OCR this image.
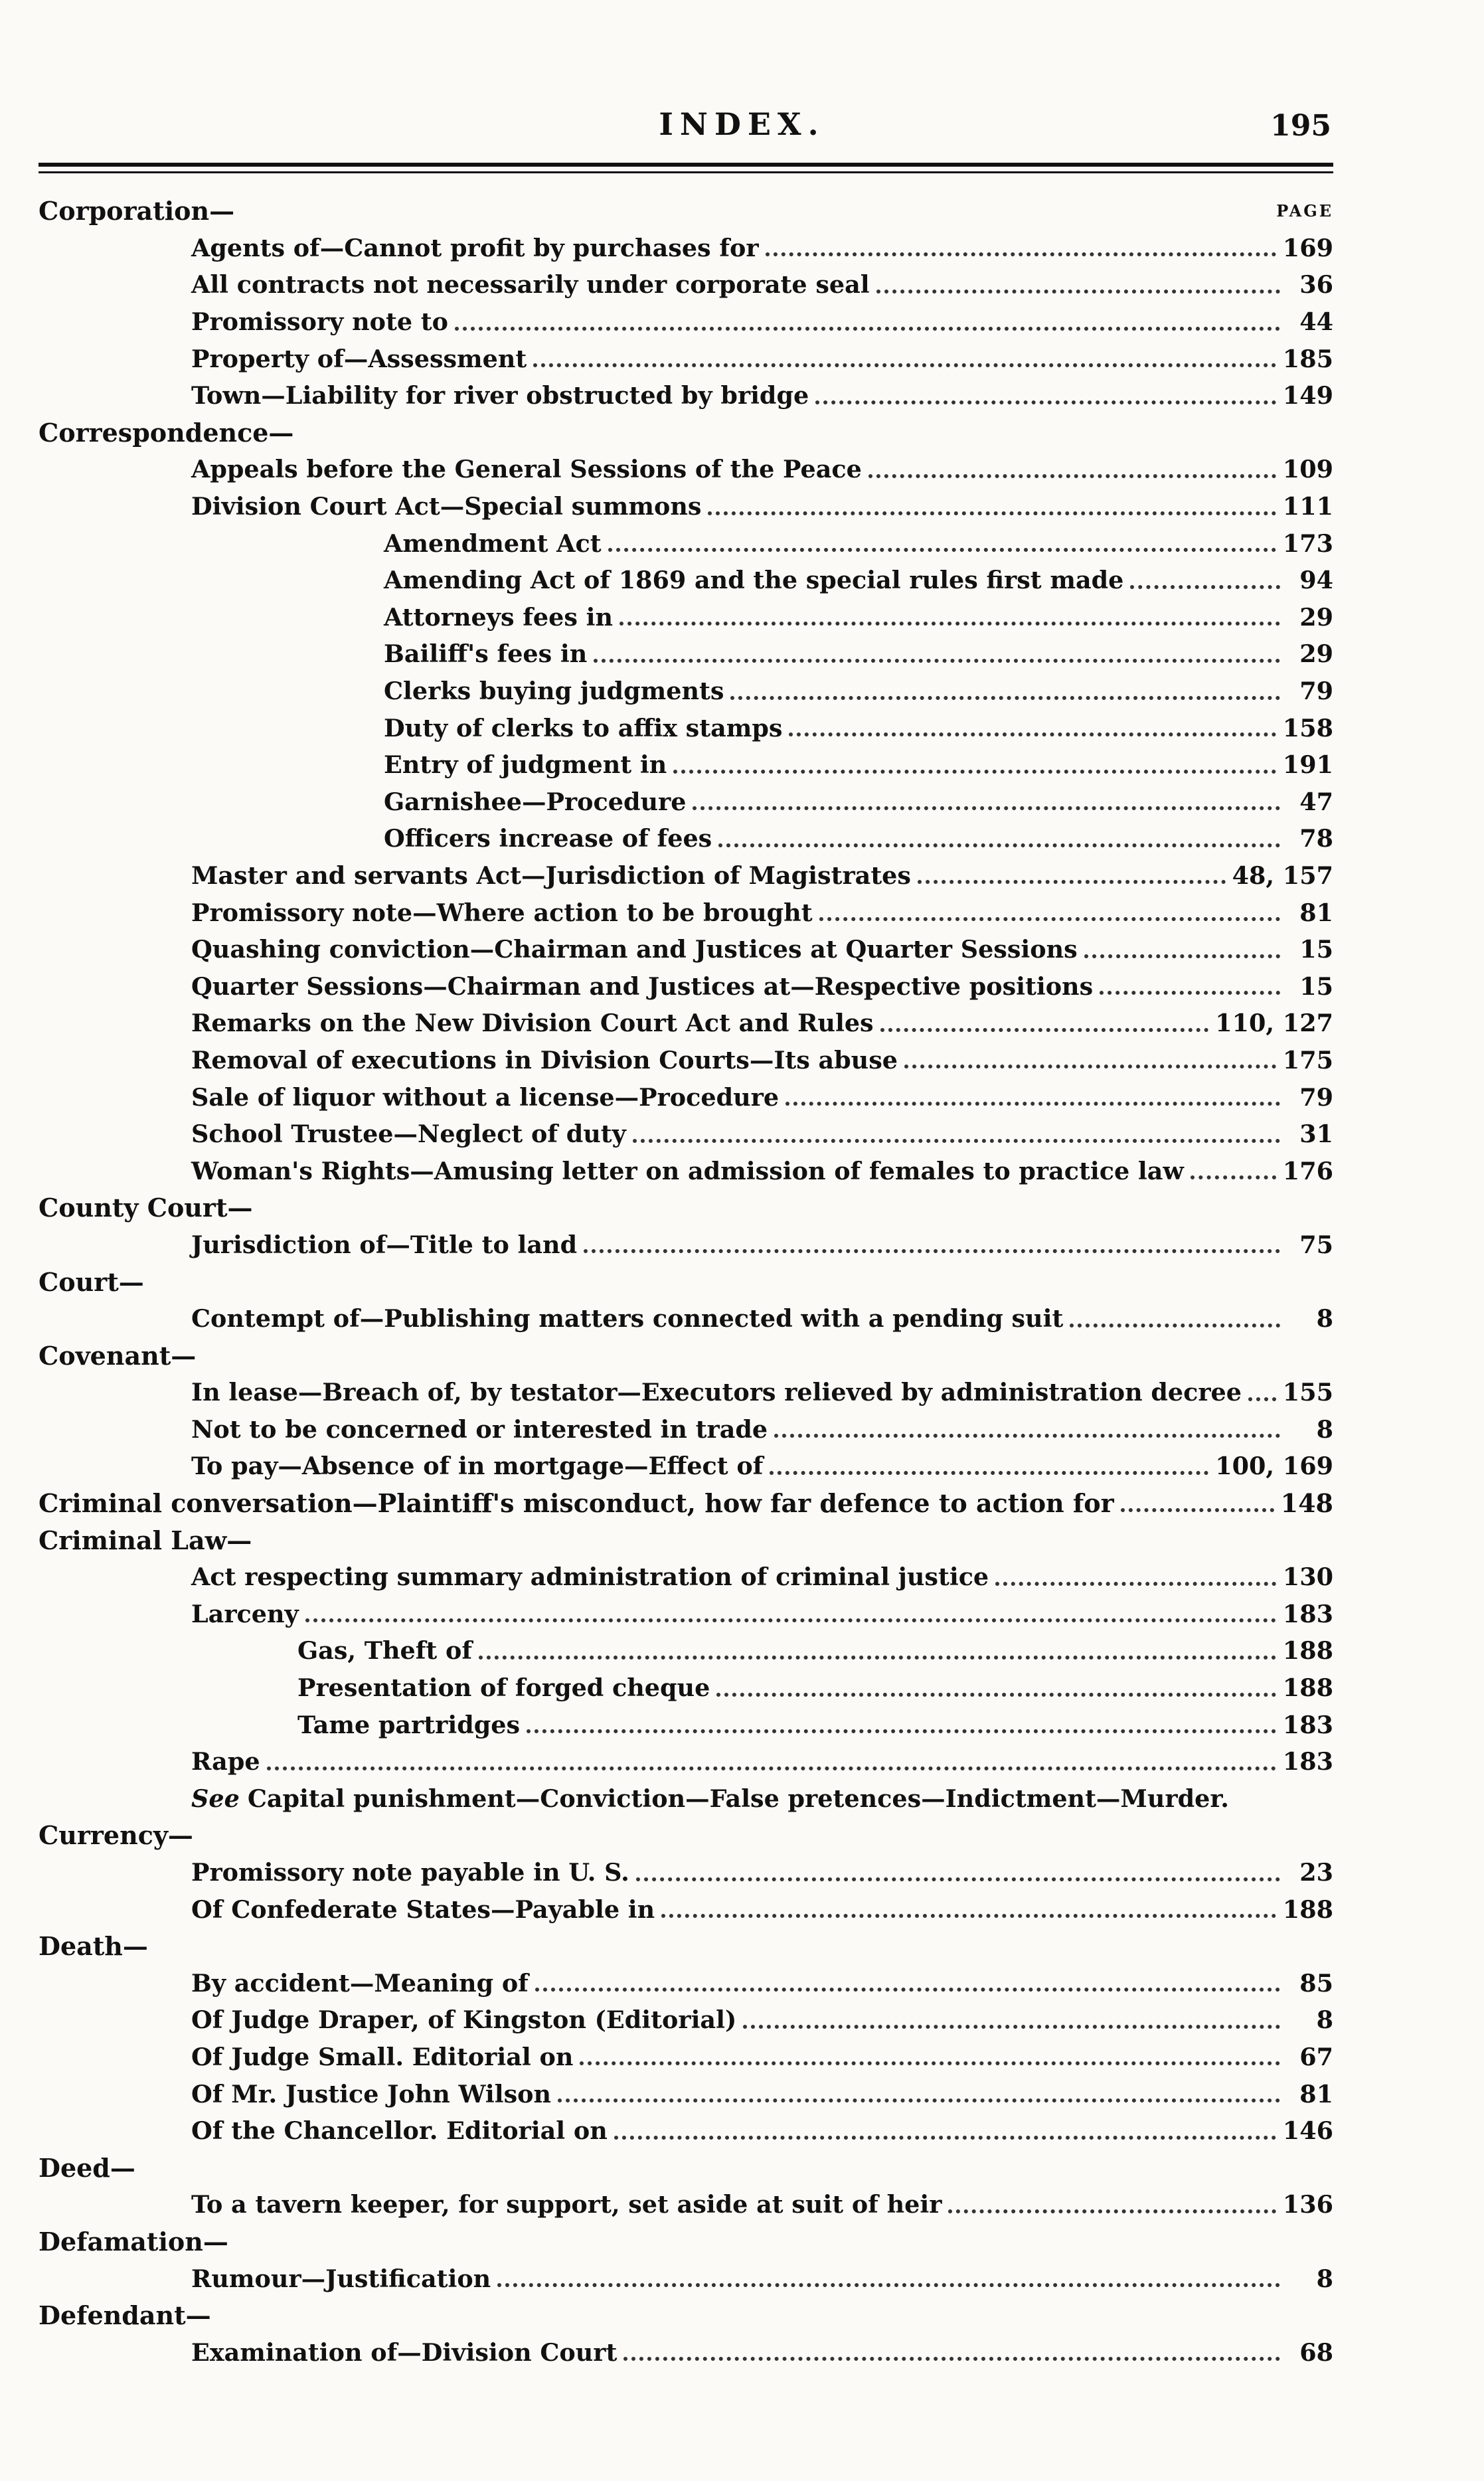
INDEX.	195
Corporation—	PAGE
Agents of—Cannot profit by purchases for	169
All contracts not necessarily under corporate seal	36
Promissory note to	44
Property of—Assessment	185
Town—Liability for river obstructed by bridge	149
Correspondence—
Appeals before the General Sessions of the Peace	109
Division Court Act—Special summons	111
Amendment Act	173
Amending Act of 1869 and the special rules first made	94
Attorneys fees in	29
Bailiff's fees in	29
Clerks buying judgments	79
Duty of clerks to affix stamps	158
Entry of judgment in	191
Garnishee—Procedure	47
Officers increase of fees	78
Master and servants Act—Jurisdiction of Magistrates	48, 157
Promissory note—Where action to be brought	81
Quashing conviction—Chairman and Justices at Quarter Sessions	15
Quarter Sessions—Chairman and Justices at—Respective positions	15
Remarks on the New Division Court Act and Rules	110, 127
Removal of executions in Division Courts—Its abuse	175
Sale of liquor without a license—Procedure	79
School Trustee—Neglect of duty	31
Woman's Rights—Amusing letter on admission of females to practice law	176
County Court—
Jurisdiction of—Title to land	75
Court—
Contempt of—Publishing matters connected with a pending suit	8
Covenant—
In lease—Breach of, by testator—Executors relieved by administration decree 155
Not to be concerned or interested in trade	8
To pay—Absence of in mortgage—Effect of	100, 169
Criminal conversation—Plaintiff's misconduct, how far defence to action for	148
Criminal Law—
Act respecting summary administration of criminal justice	130
Larceny	183
Gas, Theft of	188
Presentation of forged cheque	188
Tame partridges	183
Rape	183
See Capital punishment—Conviction—False pretences—Indictment—Murder.
Currency—
Promissory note payable in U. S.	23
Of Confederate States—Payable in	188
Death—
By accident—Meaning of	85
Of Judge Draper, of Kingston (Editorial)	8
Of Judge Small. Editorial on	67
Of Mr. Justice John Wilson	81
Of the Chancellor. Editorial on	146
Deed—
To a tavern keeper, for support, set aside at suit of heir	136
Defamation—
Rumour—Justification	8
Defendant—
Examination of—Division Court	68
